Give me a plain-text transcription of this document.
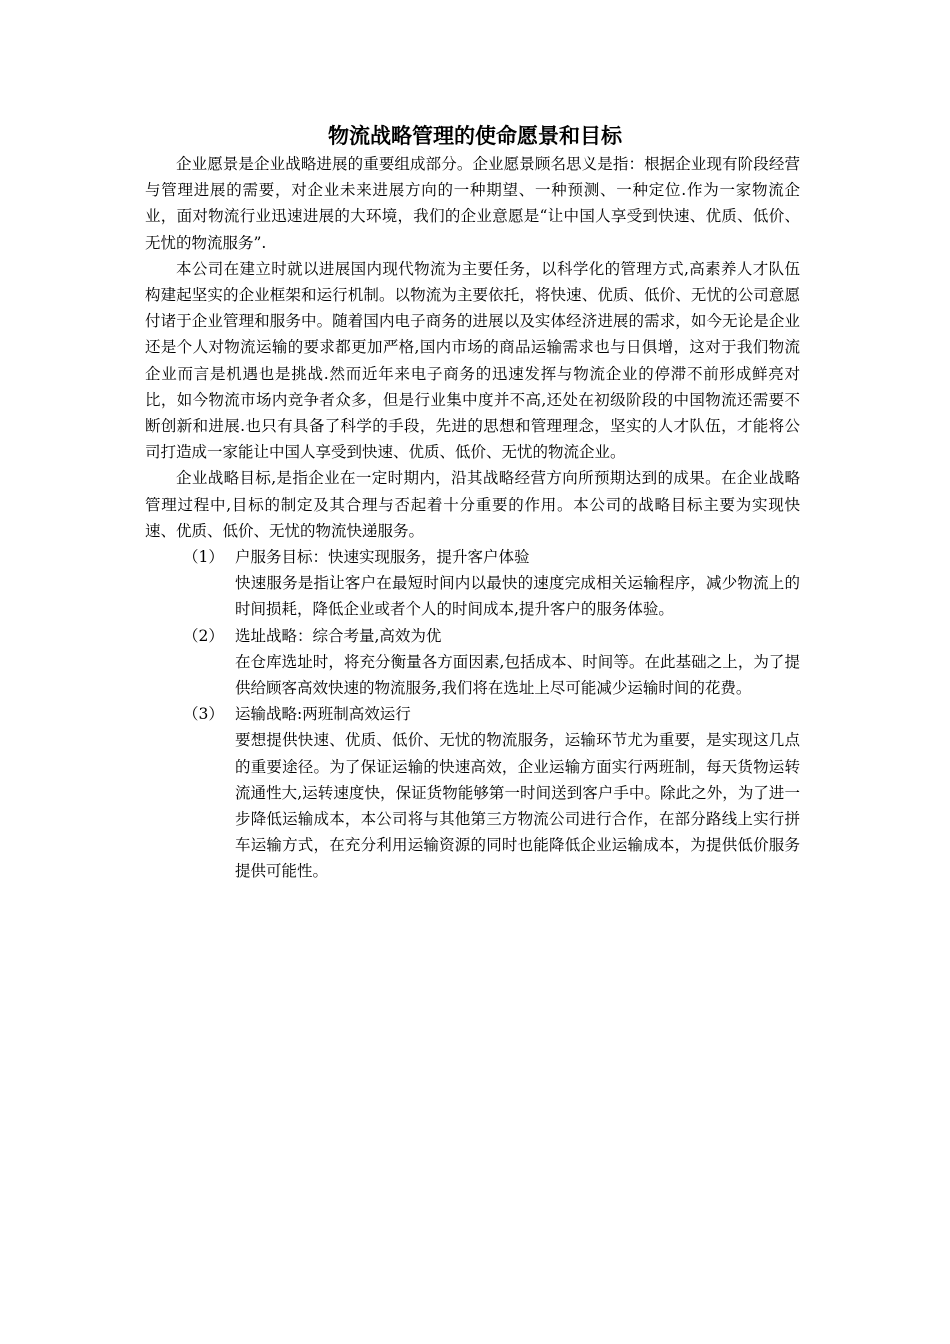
物流战略管理的使命愿景和目标

企业愿景是企业战略进展的重要组成部分。企业愿景顾名思义是指：根据企业现有阶段经营与管理进展的需要，对企业未来进展方向的一种期望、一种预测、一种定位.作为一家物流企业，面对物流行业迅速进展的大环境，我们的企业意愿是“让中国人享受到快速、优质、低价、无忧的物流服务”.

本公司在建立时就以进展国内现代物流为主要任务，以科学化的管理方式,高素养人才队伍构建起坚实的企业框架和运行机制。以物流为主要依托，将快速、优质、低价、无忧的公司意愿付诸于企业管理和服务中。随着国内电子商务的进展以及实体经济进展的需求，如今无论是企业还是个人对物流运输的要求都更加严格,国内市场的商品运输需求也与日俱增，这对于我们物流企业而言是机遇也是挑战.然而近年来电子商务的迅速发挥与物流企业的停滞不前形成鲜亮对比，如今物流市场内竞争者众多，但是行业集中度并不高,还处在初级阶段的中国物流还需要不断创新和进展.也只有具备了科学的手段，先进的思想和管理理念，坚实的人才队伍，才能将公司打造成一家能让中国人享受到快速、优质、低价、无忧的物流企业。

企业战略目标,是指企业在一定时期内，沿其战略经营方向所预期达到的成果。在企业战略管理过程中,目标的制定及其合理与否起着十分重要的作用。本公司的战略目标主要为实现快速、优质、低价、无忧的物流快递服务。

（1） 户服务目标：快速实现服务，提升客户体验

快速服务是指让客户在最短时间内以最快的速度完成相关运输程序，减少物流上的时间损耗，降低企业或者个人的时间成本,提升客户的服务体验。

（2） 选址战略：综合考量,高效为优

在仓库选址时，将充分衡量各方面因素,包括成本、时间等。在此基础之上，为了提供给顾客高效快速的物流服务,我们将在选址上尽可能减少运输时间的花费。

（3） 运输战略:两班制高效运行

要想提供快速、优质、低价、无忧的物流服务，运输环节尤为重要，是实现这几点的重要途径。为了保证运输的快速高效，企业运输方面实行两班制，每天货物运转流通性大,运转速度快，保证货物能够第一时间送到客户手中。除此之外，为了进一步降低运输成本，本公司将与其他第三方物流公司进行合作，在部分路线上实行拼车运输方式，在充分利用运输资源的同时也能降低企业运输成本，为提供低价服务提供可能性。
